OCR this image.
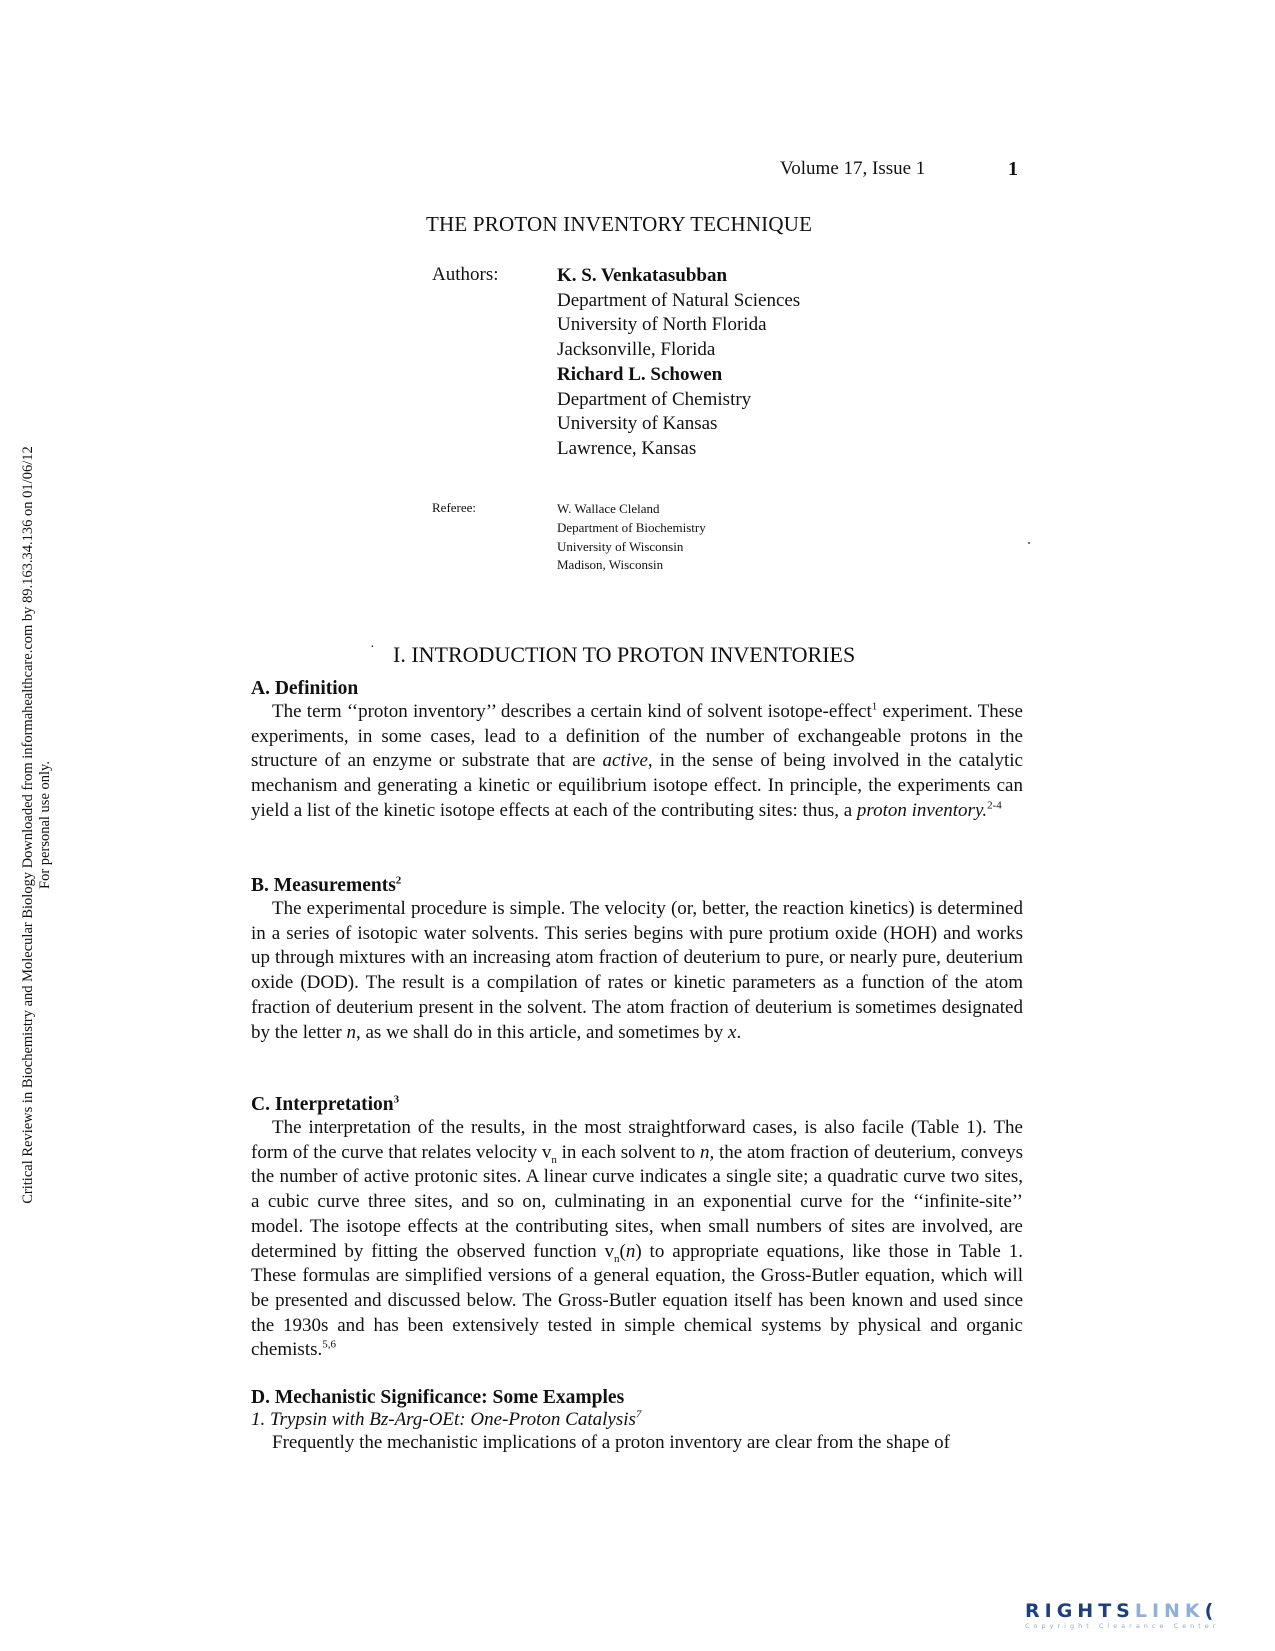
Critical Reviews in Biochemistry and Molecular Biology Downloaded from informahealthcare.com by 89.163.34.136 on 01/06/12 For personal use only.
Volume 17, Issue 1	1
THE PROTON INVENTORY TECHNIQUE
Authors:	K. S. Venkatasubban
Department of Natural Sciences
University of North Florida
Jacksonville, Florida
Richard L. Schowen
Department of Chemistry
University of Kansas
Lawrence, Kansas
Referee:	W. Wallace Cleland
Department of Biochemistry
University of Wisconsin
Madison, Wisconsin
· I. INTRODUCTION TO PROTON INVENTORIES
A. Definition

The term ‘‘proton inventory’’ describes a certain kind of solvent isotope-effect$^1$ experiment. These experiments, in some cases, lead to a definition of the number of exchangeable protons in the structure of an enzyme or substrate that are active, in the sense of being involved in the catalytic mechanism and generating a kinetic or equilibrium isotope effect. In principle, the experiments can yield a list of the kinetic isotope effects at each of the contributing sites: thus, a proton inventory.$^{2-4}$

B. Measurements$^2$

The experimental procedure is simple. The velocity (or, better, the reaction kinetics) is determined in a series of isotopic water solvents. This series begins with pure protium oxide (HOH) and works up through mixtures with an increasing atom fraction of deuterium to pure, or nearly pure, deuterium oxide (DOD). The result is a compilation of rates or kinetic parameters as a function of the atom fraction of deuterium present in the solvent. The atom fraction of deuterium is sometimes designated by the letter n, as we shall do in this article, and sometimes by x.

C. Interpretation$^3$

The interpretation of the results, in the most straightforward cases, is also facile (Table 1). The form of the curve that relates velocity $v_n$ in each solvent to n, the atom fraction of deuterium, conveys the number of active protonic sites. A linear curve indicates a single site; a quadratic curve two sites, a cubic curve three sites, and so on, culminating in an exponential curve for the ‘‘infinite-site’’ model. The isotope effects at the contributing sites, when small numbers of sites are involved, are determined by fitting the observed function $v_n(n)$ to appropriate equations, like those in Table 1. These formulas are simplified versions of a general equation, the Gross-Butler equation, which will be presented and discussed below. The Gross-Butler equation itself has been known and used since the 1930s and has been extensively tested in simple chemical systems by physical and organic chemists.$^{5,6}$

D. Mechanistic Significance: Some Examples
1. Trypsin with Bz-Arg-OEt: One-Proton Catalysis$^7$

Frequently the mechanistic implications of a proton inventory are clear from the shape of

RIGHTSLINK(
Copyright Clearance Center
